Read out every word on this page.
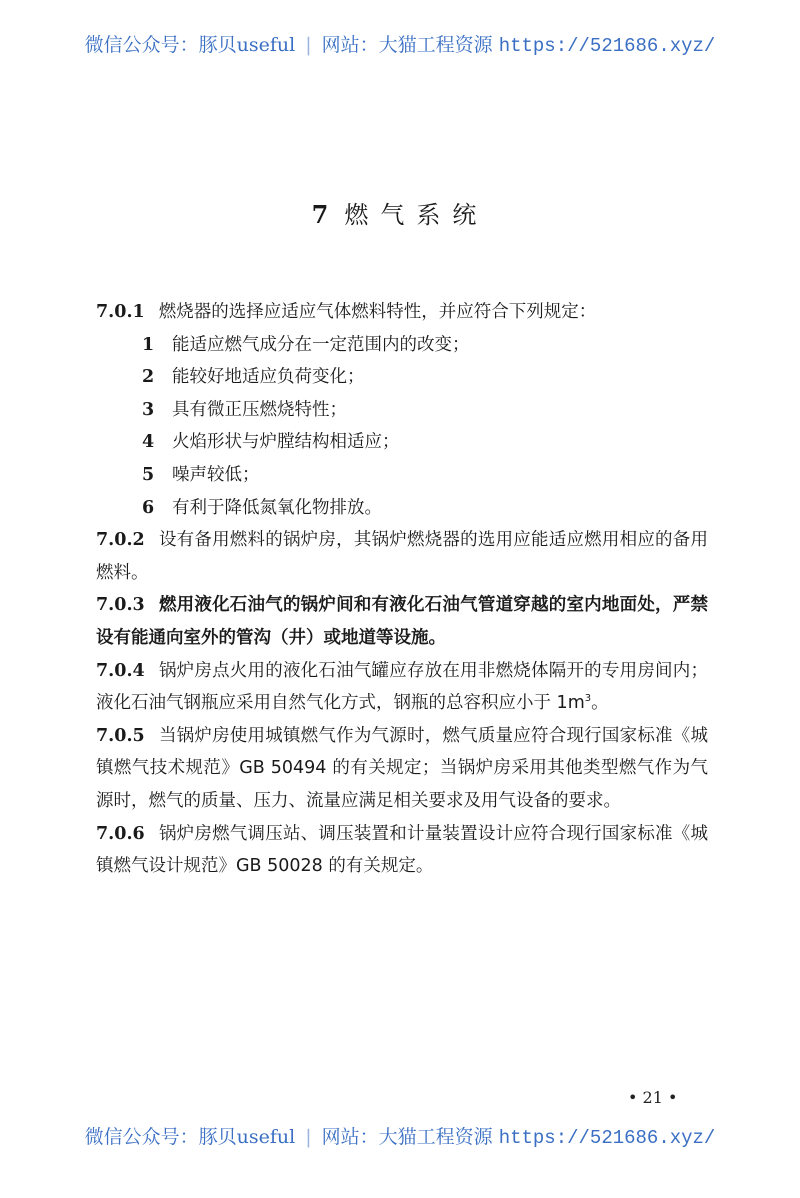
微信公众号：豚贝useful | 网站：大猫工程资源 https://521686.xyz/
7 燃气系统

7.0.1 燃烧器的选择应适应气体燃料特性，并应符合下列规定：

1 能适应燃气成分在一定范围内的改变；
2 能较好地适应负荷变化；
3 具有微正压燃烧特性；
4 火焰形状与炉膛结构相适应；
5 噪声较低；
6 有利于降低氮氧化物排放。

7.0.2 设有备用燃料的锅炉房，其锅炉燃烧器的选用应能适应燃用相应的备用燃料。

7.0.3 燃用液化石油气的锅炉间和有液化石油气管道穿越的室内地面处，严禁设有能通向室外的管沟（井）或地道等设施。

7.0.4 锅炉房点火用的液化石油气罐应存放在用非燃烧体隔开的专用房间内；液化石油气钢瓶应采用自然气化方式，钢瓶的总容积应小于 $1m^3$。

7.0.5 当锅炉房使用城镇燃气作为气源时，燃气质量应符合现行国家标准《城镇燃气技术规范》GB 50494 的有关规定；当锅炉房采用其他类型燃气作为气源时，燃气的质量、压力、流量应满足相关要求及用气设备的要求。

7.0.6 锅炉房燃气调压站、调压装置和计量装置设计应符合现行国家标准《城镇燃气设计规范》GB 50028 的有关规定。

• 21 •
微信公众号：豚贝useful | 网站：大猫工程资源 https://521686.xyz/
